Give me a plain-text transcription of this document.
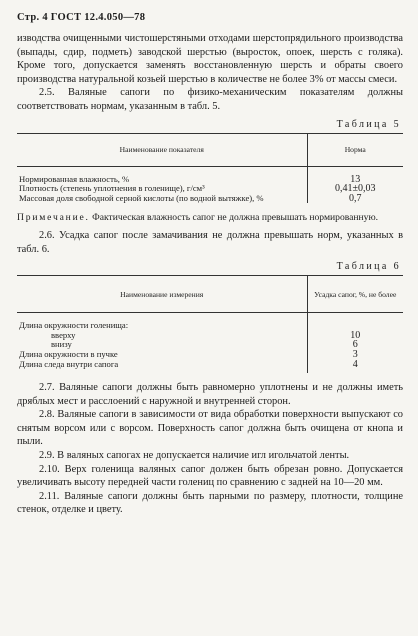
Стр. 4 ГОСТ 12.4.050—78

изводства очищенными чистошерстяными отходами шерстопрядильного производства (выпады, сдир, подметь) заводской шерстью (выросток, опоек, шерсть с голяка). Кроме того, допускается заменять восстановленную шерсть и обраты своего производства натуральной козьей шерстью в количестве не более 3% от массы смеси.

2.5. Валяные сапоги по физико-механическим показателям должны соответствовать нормам, указанным в табл. 5.

Таблица 5
Наименование показателя	Норма

Нормированная влажность, %	13
Плотность (степень уплотнения в голенище), г/см³	0,41±0,03
Массовая доля свободной серной кислоты (по водной вытяжке), %	0,7
Примечание. Фактическая влажность сапог не должна превышать нормированную.

2.6. Усадка сапог после замачивания не должна превышать норм, указанных в табл. 6.

Таблица 6
Наименование измерения	Усадка сапог, %, не более

Длина окружности голенища:	
вверху	10
внизу	6
Длина окружности в пучке	3
Длина следа внутри сапога	4

2.7. Валяные сапоги должны быть равномерно уплотнены и не должны иметь дряблых мест и расслоений с наружной и внутренней сторон.

2.8. Валяные сапоги в зависимости от вида обработки поверхности выпускают со снятым ворсом или с ворсом. Поверхность сапог должна быть очищена от кнопа и пыли.

2.9. В валяных сапогах не допускается наличие игл игольчатой ленты.

2.10. Верх голенища валяных сапог должен быть обрезан ровно. Допускается увеличивать высоту передней части голениц по сравнению с задней на 10—20 мм.

2.11. Валяные сапоги должны быть парными по размеру, плотности, толщине стенок, отделке и цвету.
